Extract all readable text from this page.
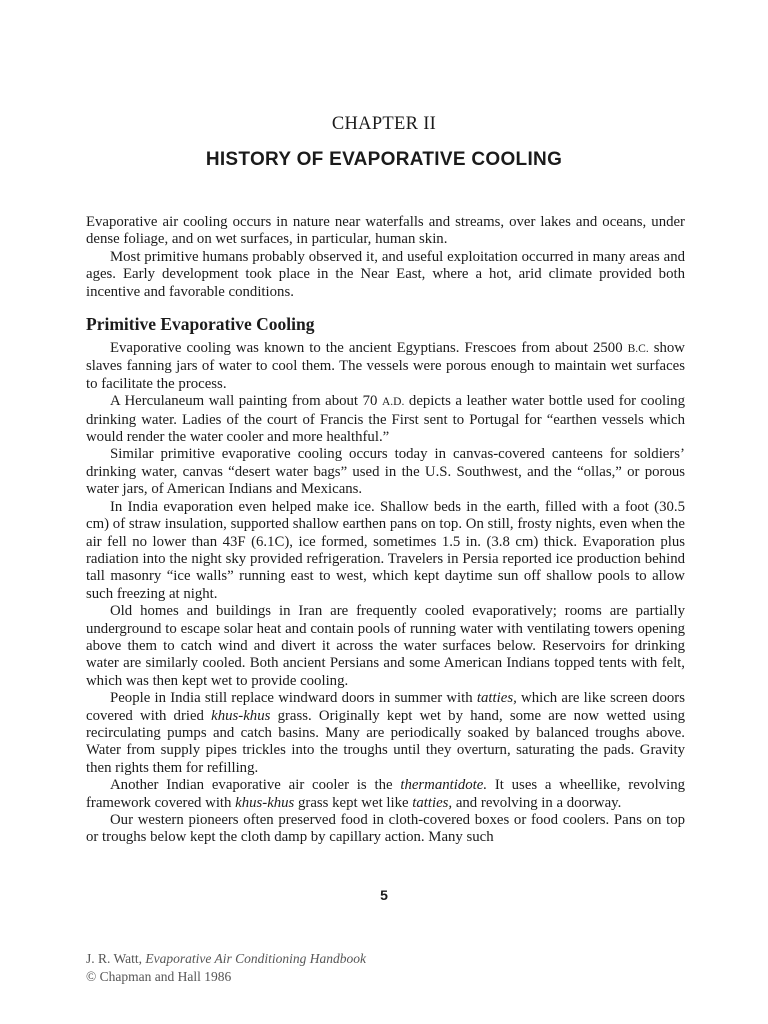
CHAPTER II
HISTORY OF EVAPORATIVE COOLING

Evaporative air cooling occurs in nature near waterfalls and streams, over lakes and oceans, under dense foliage, and on wet surfaces, in particular, human skin.

Most primitive humans probably observed it, and useful exploitation occurred in many areas and ages. Early development took place in the Near East, where a hot, arid climate provided both incentive and favorable conditions.

Primitive Evaporative Cooling

Evaporative cooling was known to the ancient Egyptians. Frescoes from about 2500 B.C. show slaves fanning jars of water to cool them. The vessels were porous enough to maintain wet surfaces to facilitate the process.

A Herculaneum wall painting from about 70 A.D. depicts a leather water bottle used for cooling drinking water. Ladies of the court of Francis the First sent to Portugal for “earthen vessels which would render the water cooler and more healthful.”

Similar primitive evaporative cooling occurs today in canvas-covered canteens for soldiers’ drinking water, canvas “desert water bags” used in the U.S. Southwest, and the “ollas,” or porous water jars, of American Indians and Mexicans.

In India evaporation even helped make ice. Shallow beds in the earth, filled with a foot (30.5 cm) of straw insulation, supported shallow earthen pans on top. On still, frosty nights, even when the air fell no lower than 43F (6.1C), ice formed, sometimes 1.5 in. (3.8 cm) thick. Evaporation plus radiation into the night sky provided refrigeration. Travelers in Persia reported ice production behind tall masonry “ice walls” running east to west, which kept daytime sun off shallow pools to allow such freezing at night.

Old homes and buildings in Iran are frequently cooled evaporatively; rooms are partially underground to escape solar heat and contain pools of running water with ventilating towers opening above them to catch wind and divert it across the water surfaces below. Reservoirs for drinking water are similarly cooled. Both ancient Persians and some American Indians topped tents with felt, which was then kept wet to provide cooling.

People in India still replace windward doors in summer with tatties, which are like screen doors covered with dried khus-khus grass. Originally kept wet by hand, some are now wetted using recirculating pumps and catch basins. Many are periodically soaked by balanced troughs above. Water from supply pipes trickles into the troughs until they overturn, saturating the pads. Gravity then rights them for refilling.

Another Indian evaporative air cooler is the thermantidote. It uses a wheellike, revolving framework covered with khus-khus grass kept wet like tatties, and revolving in a doorway.

Our western pioneers often preserved food in cloth-covered boxes or food coolers. Pans on top or troughs below kept the cloth damp by capillary action. Many such

5
J. R. Watt, Evaporative Air Conditioning Handbook
© Chapman and Hall 1986
